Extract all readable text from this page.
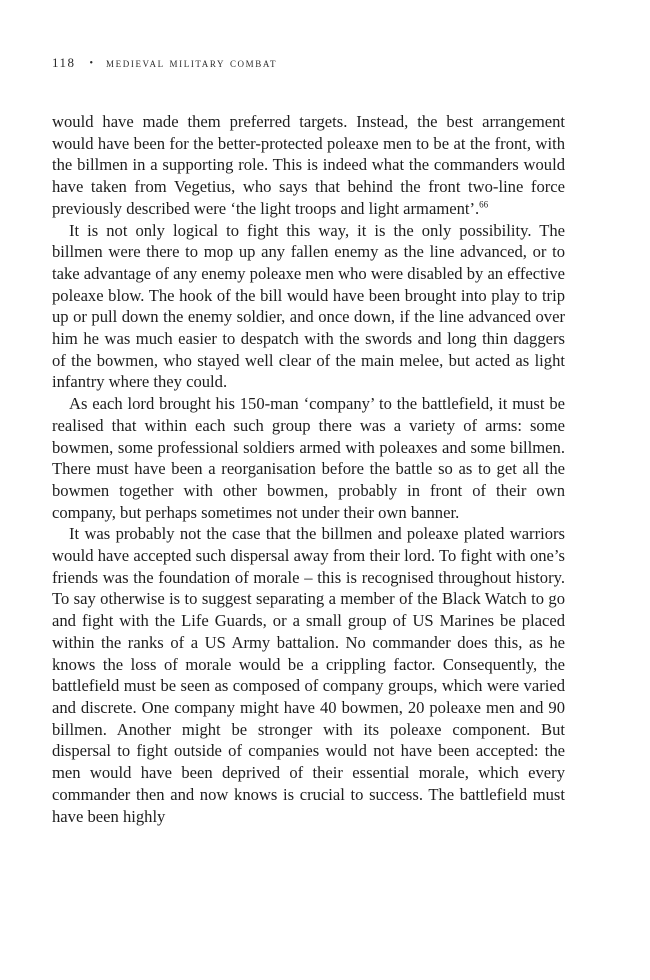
118 • medieval military combat

would have made them preferred targets. Instead, the best arrangement would have been for the better-protected poleaxe men to be at the front, with the billmen in a supporting role. This is indeed what the commanders would have taken from Vegetius, who says that behind the front two-line force previously described were ‘the light troops and light armament’.$^{66}$

It is not only logical to fight this way, it is the only possibility. The billmen were there to mop up any fallen enemy as the line advanced, or to take advantage of any enemy poleaxe men who were disabled by an effective poleaxe blow. The hook of the bill would have been brought into play to trip up or pull down the enemy soldier, and once down, if the line advanced over him he was much easier to despatch with the swords and long thin daggers of the bowmen, who stayed well clear of the main melee, but acted as light infantry where they could.

As each lord brought his 150-man ‘company’ to the battlefield, it must be realised that within each such group there was a variety of arms: some bowmen, some professional soldiers armed with poleaxes and some billmen. There must have been a reorganisation before the battle so as to get all the bowmen together with other bowmen, probably in front of their own company, but perhaps sometimes not under their own banner.

It was probably not the case that the billmen and poleaxe plated warriors would have accepted such dispersal away from their lord. To fight with one’s friends was the foundation of morale – this is recognised throughout history. To say otherwise is to suggest separating a member of the Black Watch to go and fight with the Life Guards, or a small group of US Marines be placed within the ranks of a US Army battalion. No commander does this, as he knows the loss of morale would be a crippling factor. Consequently, the battlefield must be seen as composed of company groups, which were varied and discrete. One company might have 40 bowmen, 20 poleaxe men and 90 billmen. Another might be stronger with its poleaxe component. But dispersal to fight outside of companies would not have been accepted: the men would have been deprived of their essential morale, which every commander then and now knows is crucial to success. The battlefield must have been highly
